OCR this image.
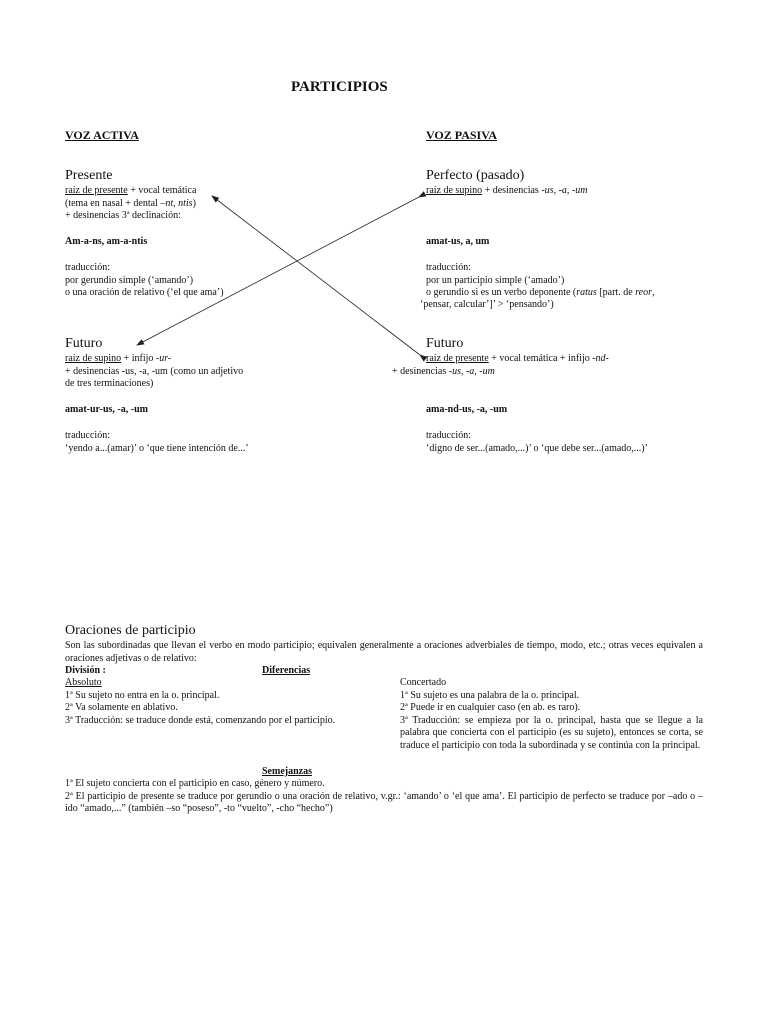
PARTICIPIOS
VOZ ACTIVA	VOZ PASIVA
Presente
raíz de presente + vocal temática
(tema en nasal + dental –nt, ntis)
+ desinencias 3ª declinación:
Am-a-ns, am-a-ntis
traducción:
por gerundio simple (‘amando’)
o una oración de relativo (‘el que ama’)
Perfecto (pasado)
raíz de supino + desinencias -us, -a, -um
amat-us, a, um
traducción:
por un participio simple (‘amado’)
o gerundio si es un verbo deponente (ratus [part. de reor,
‘pensar, calcular’]’ > ‘pensando’)
Futuro
raíz de supino + infijo -ur-
+ desinencias -us, -a, -um (como un adjetivo
de tres terminaciones)
amat-ur-us, -a, -um
traducción:
‘yendo a...(amar)’ o ‘que tiene intención de...’
Futuro
raíz de presente + vocal temática + infijo -nd-
+ desinencias -us, -a, -um
ama-nd-us, -a, -um
traducción:
‘digno de ser...(amado,...)’ o ‘que debe ser...(amado,...)’
Oraciones de participio
Son las subordinadas que llevan el verbo en modo participio; equivalen generalmente a oraciones adverbiales de tiempo, modo, etc.; otras veces equivalen a oraciones adjetivas o de relativo:
División :	Diferencias
Absoluto
1ª Su sujeto no entra en la o. principal.
2ª Va solamente en ablativo.
3ª Traducción: se traduce donde está, comenzando por el participio.
Concertado
1ª Su sujeto es una palabra de la o. principal.
2ª Puede ir en cualquier caso (en ab. es raro).
3ª Traducción: se empieza por la o. principal, hasta que se llegue a la palabra que concierta con el participio (es su sujeto), entonces se corta, se traduce el participio con toda la subordinada y se continúa con la principal.
Semejanzas
1ª El sujeto concierta con el participio en caso, género y número.
2ª El participio de presente se traduce por gerundio o una oración de relativo, v.gr.: ‘amando’ o ‘el que ama’. El participio de perfecto se traduce por –ado o –ido “amado,...” (también –so “poseso”, -to “vuelto”, -cho “hecho”)
